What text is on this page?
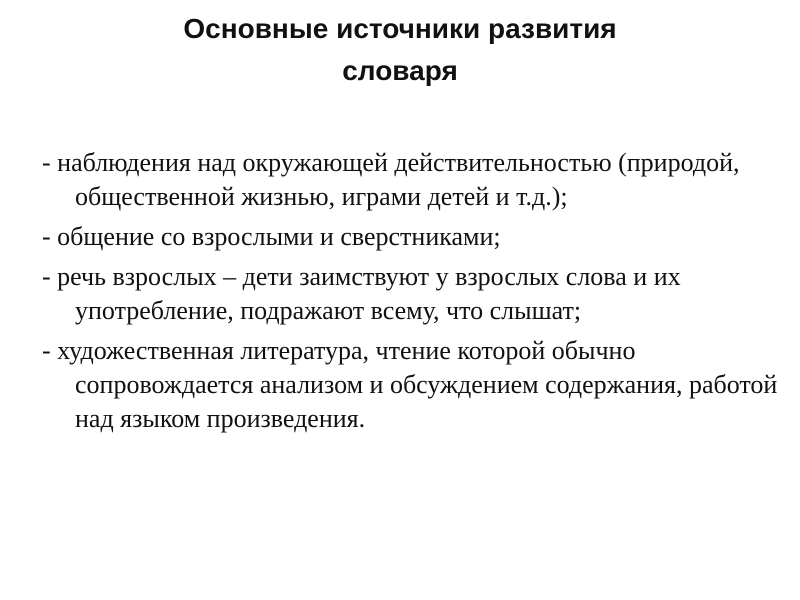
Основные источники развития
словаря
- наблюдения над окружающей действительностью (природой, общественной жизнью, играми детей и т.д.);
- общение со взрослыми и сверстниками;
- речь взрослых – дети заимствуют у взрослых слова и их употребление, подражают всему, что слышат;
- художественная литература, чтение которой обычно сопровождается анализом и обсуждением содержания, работой над языком произведения.
